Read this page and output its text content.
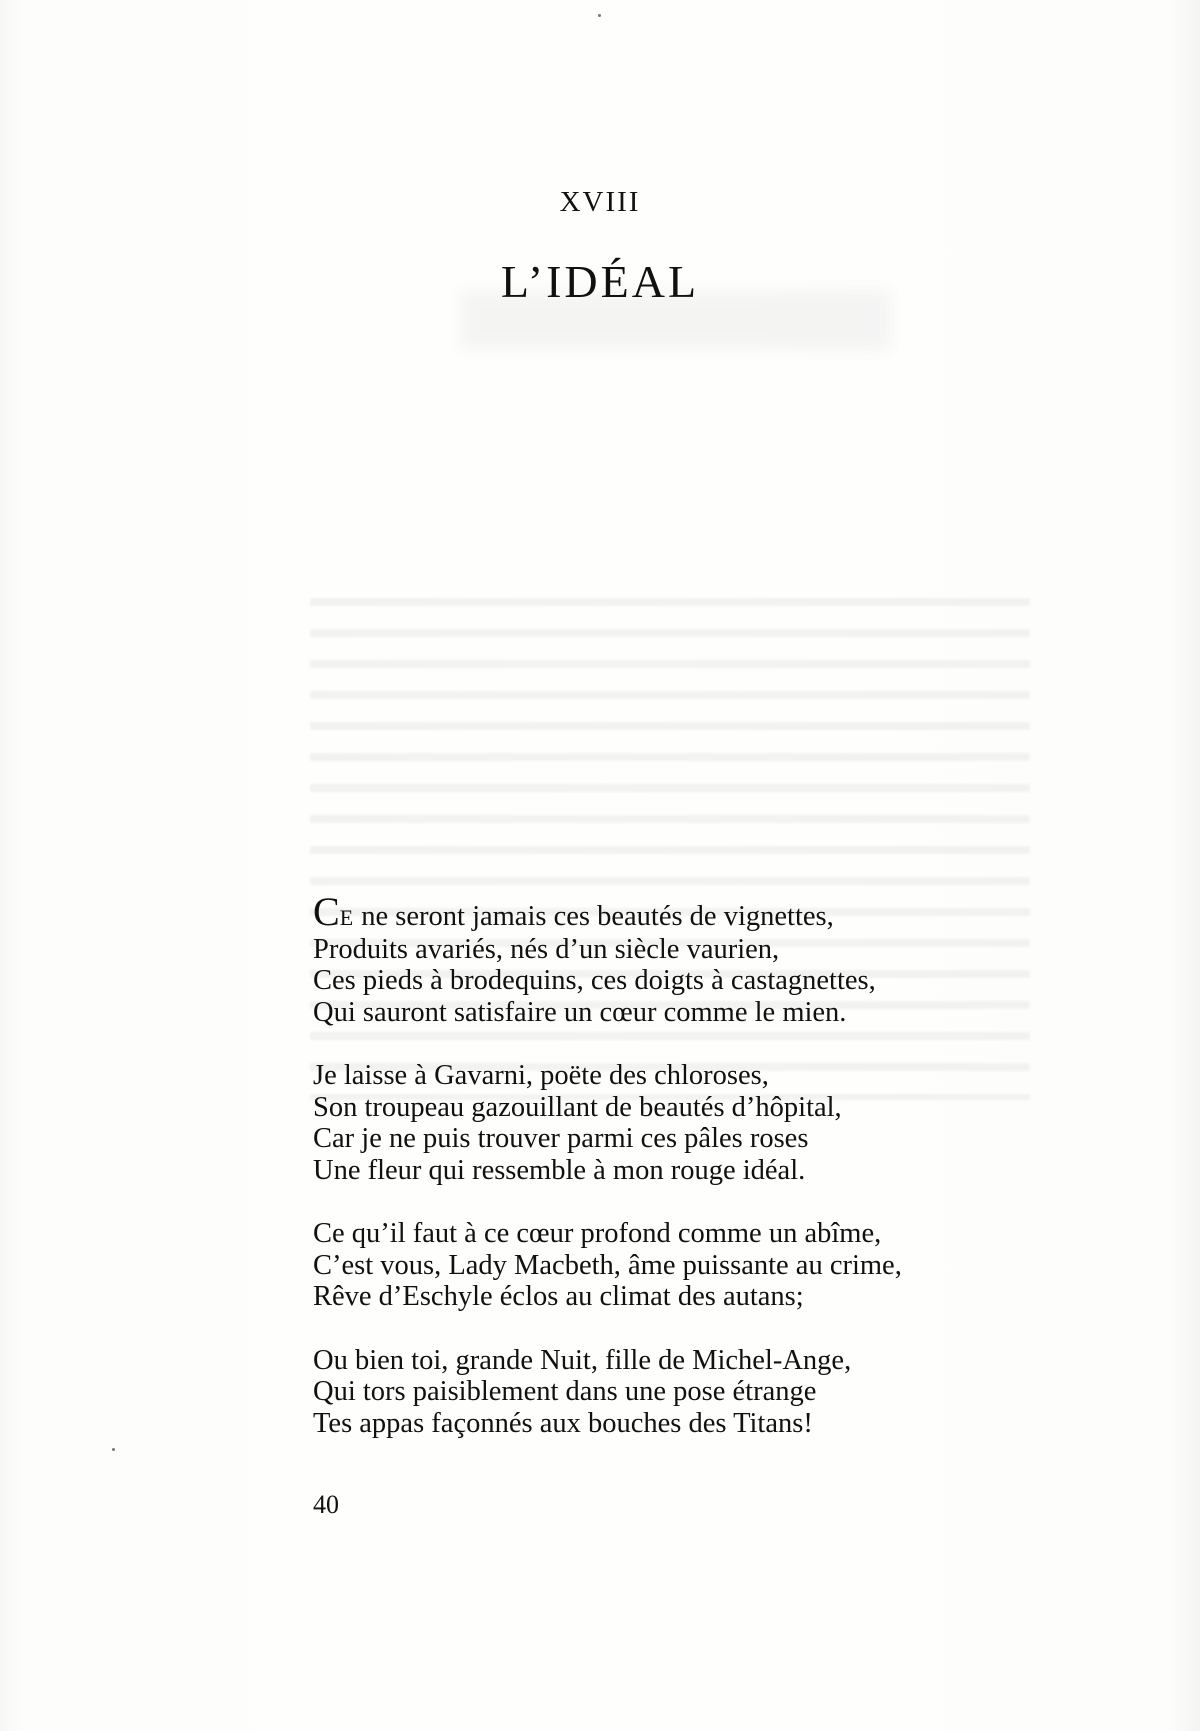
XVIII
L’IDÉAL
CE ne seront jamais ces beautés de vignettes,
Produits avariés, nés d’un siècle vaurien,
Ces pieds à brodequins, ces doigts à castagnettes,
Qui sauront satisfaire un cœur comme le mien.
Je laisse à Gavarni, poëte des chloroses,
Son troupeau gazouillant de beautés d’hôpital,
Car je ne puis trouver parmi ces pâles roses
Une fleur qui ressemble à mon rouge idéal.
Ce qu’il faut à ce cœur profond comme un abîme,
C’est vous, Lady Macbeth, âme puissante au crime,
Rêve d’Eschyle éclos au climat des autans;
Ou bien toi, grande Nuit, fille de Michel-Ange,
Qui tors paisiblement dans une pose étrange
Tes appas façonnés aux bouches des Titans!
40
